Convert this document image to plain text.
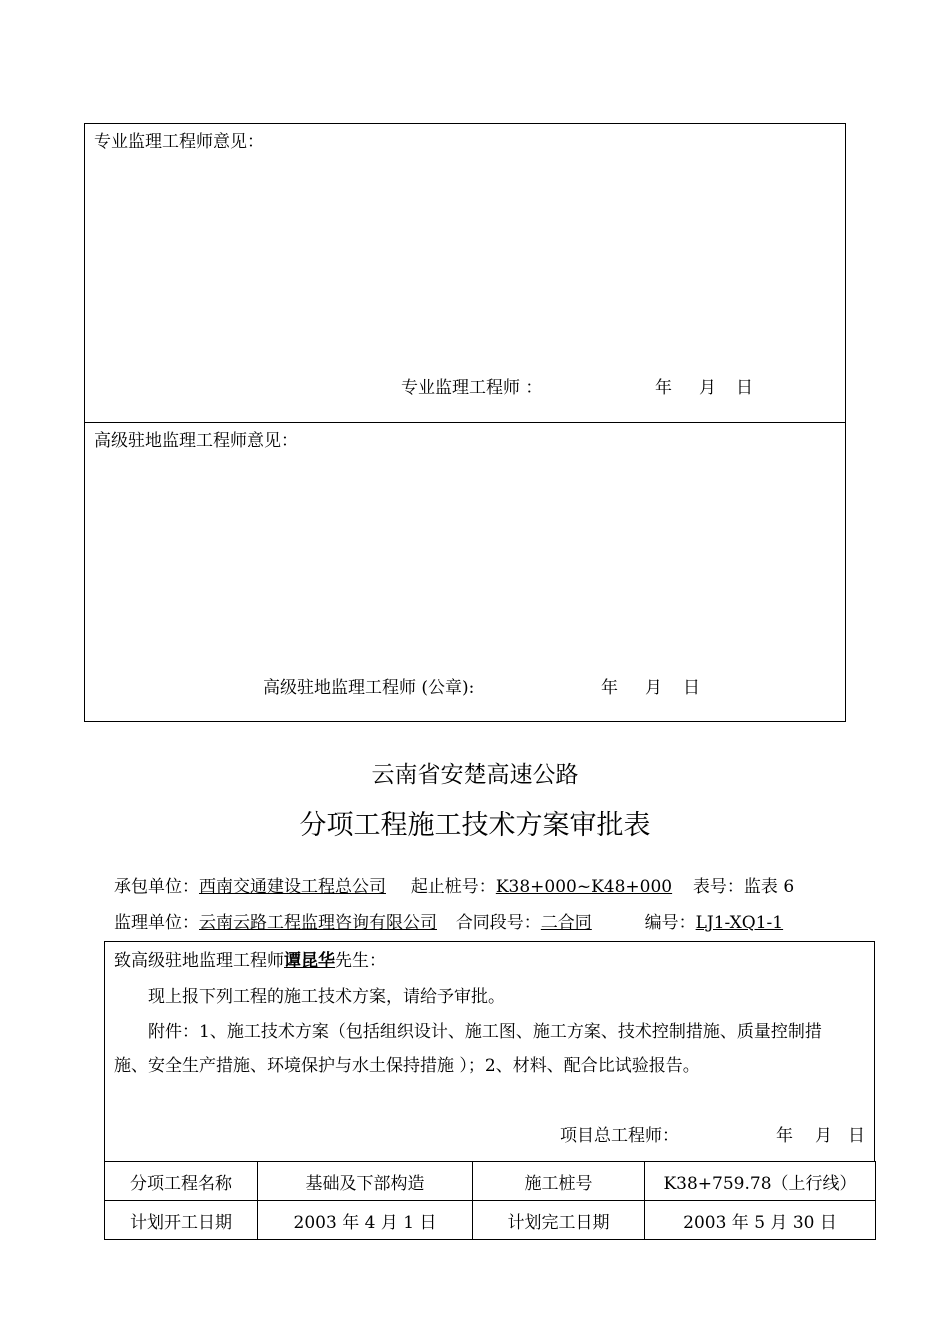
专业监理工程师意见：
专业监理工程师 ：	年 月 日
高级驻地监理工程师意见：
高级驻地监理工程师 (公章):	年 月 日
云南省安楚高速公路
分项工程施工技术方案审批表
承包单位：西南交通建设工程总公司 起止桩号：K38+000~K48+000 表号：监表 6
监理单位：云南云路工程监理咨询有限公司 合同段号：二合同	编号：LJ1-XQ1-1
致高级驻地监理工程师谭昆华先生：
现上报下列工程的施工技术方案，请给予审批。
附件：1、施工技术方案（包括组织设计、施工图、施工方案、技术控制措施、质量控制措
施、安全生产措施、环境保护与水土保持措施 ）；2、材料、配合比试验报告。
项目总工程师：	年 月 日
分项工程名称	基础及下部构造	施工桩号	K38+759.78（上行线）
计划开工日期	2003 年 4 月 1 日	计划完工日期	2003 年 5 月 30 日
